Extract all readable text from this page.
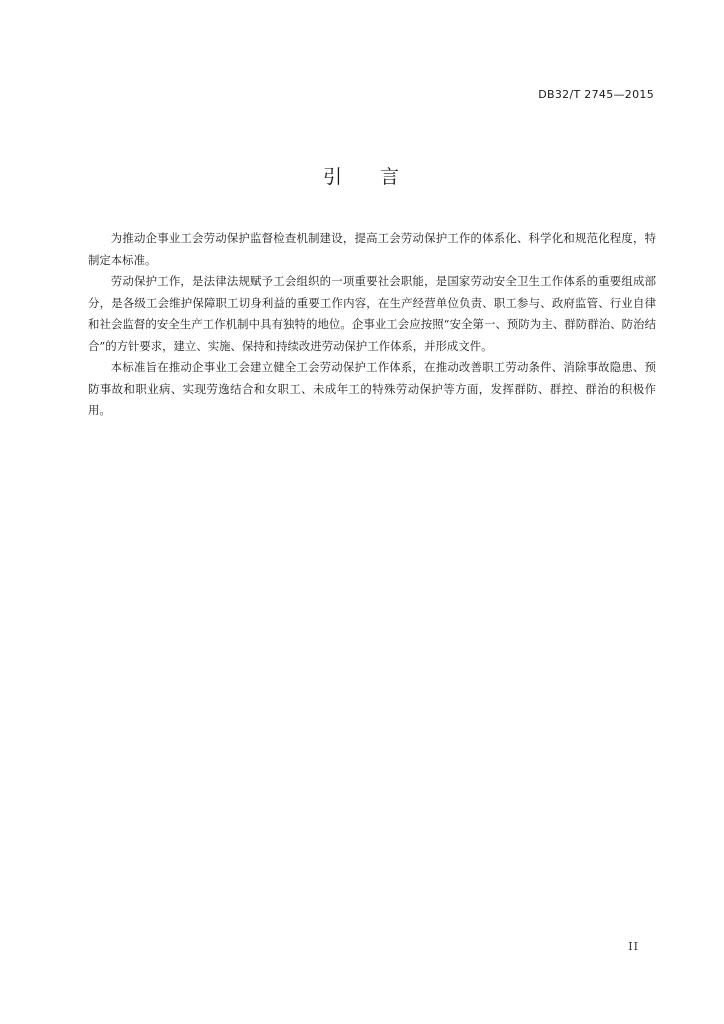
DB32/T 2745—2015
引 言

为推动企事业工会劳动保护监督检查机制建设，提高工会劳动保护工作的体系化、科学化和规范化程度，特制定本标准。

劳动保护工作，是法律法规赋予工会组织的一项重要社会职能，是国家劳动安全卫生工作体系的重要组成部分，是各级工会维护保障职工切身利益的重要工作内容，在生产经营单位负责、职工参与、政府监管、行业自律和社会监督的安全生产工作机制中具有独特的地位。企事业工会应按照“安全第一、预防为主、群防群治、防治结合”的方针要求，建立、实施、保持和持续改进劳动保护工作体系，并形成文件。

本标准旨在推动企事业工会建立健全工会劳动保护工作体系，在推动改善职工劳动条件、消除事故隐患、预防事故和职业病、实现劳逸结合和女职工、未成年工的特殊劳动保护等方面，发挥群防、群控、群治的积极作用。

II
